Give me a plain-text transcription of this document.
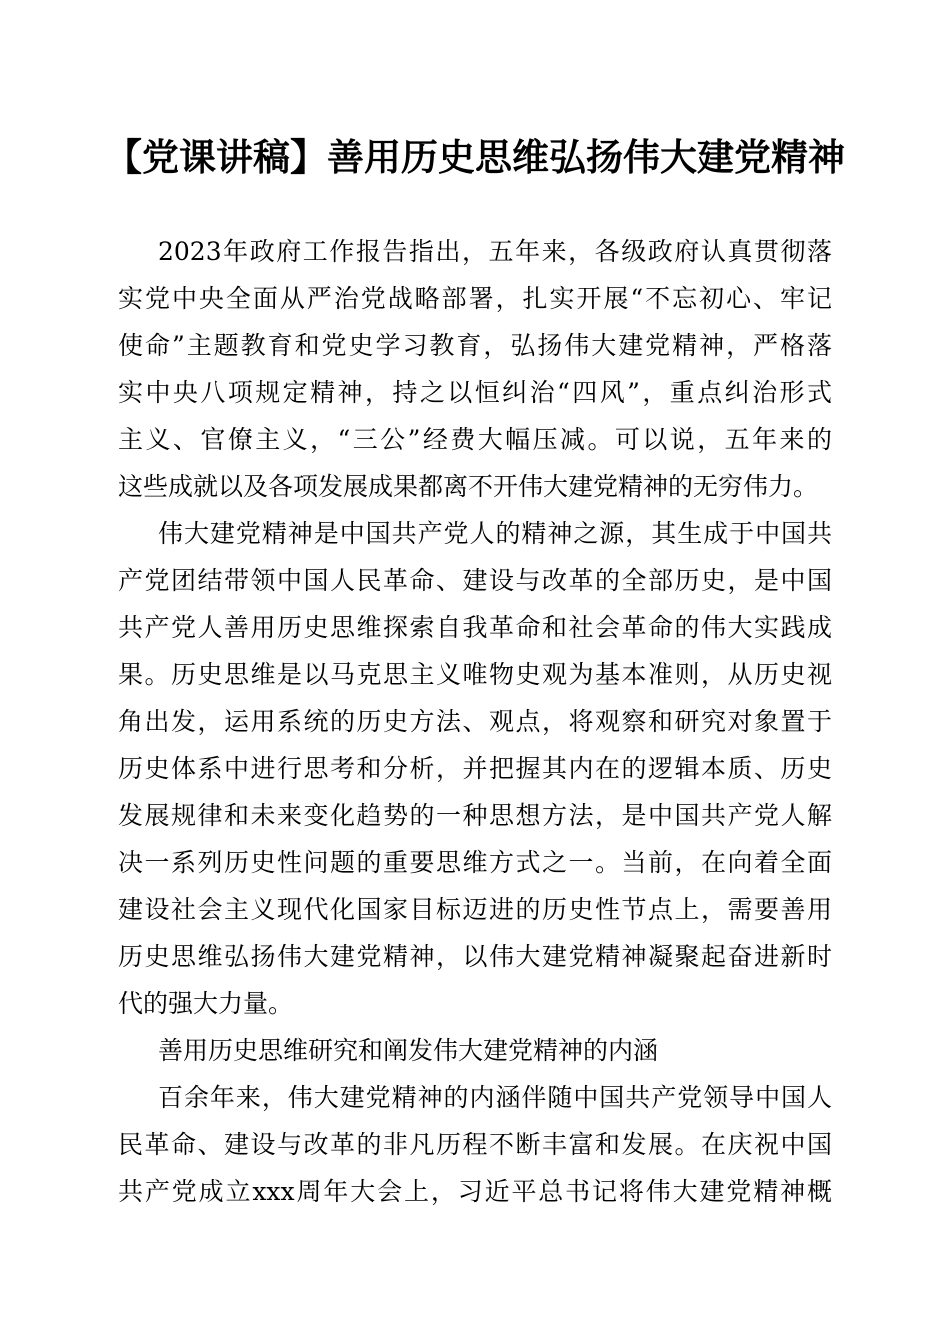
【党课讲稿】善用历史思维弘扬伟大建党精神
2023年政府工作报告指出，五年来，各级政府认真贯彻落
实党中央全面从严治党战略部署，扎实开展“不忘初心、牢记
使命”主题教育和党史学习教育，弘扬伟大建党精神，严格落
实中央八项规定精神，持之以恒纠治“四风”，重点纠治形式
主义、官僚主义，“三公”经费大幅压减。可以说，五年来的
这些成就以及各项发展成果都离不开伟大建党精神的无穷伟力。
伟大建党精神是中国共产党人的精神之源，其生成于中国共
产党团结带领中国人民革命、建设与改革的全部历史，是中国
共产党人善用历史思维探索自我革命和社会革命的伟大实践成
果。历史思维是以马克思主义唯物史观为基本准则，从历史视
角出发，运用系统的历史方法、观点，将观察和研究对象置于
历史体系中进行思考和分析，并把握其内在的逻辑本质、历史
发展规律和未来变化趋势的一种思想方法，是中国共产党人解
决一系列历史性问题的重要思维方式之一。当前，在向着全面
建设社会主义现代化国家目标迈进的历史性节点上，需要善用
历史思维弘扬伟大建党精神，以伟大建党精神凝聚起奋进新时
代的强大力量。
善用历史思维研究和阐发伟大建党精神的内涵
百余年来，伟大建党精神的内涵伴随中国共产党领导中国人
民革命、建设与改革的非凡历程不断丰富和发展。在庆祝中国
共产党成立xxx周年大会上，习近平总书记将伟大建党精神概
